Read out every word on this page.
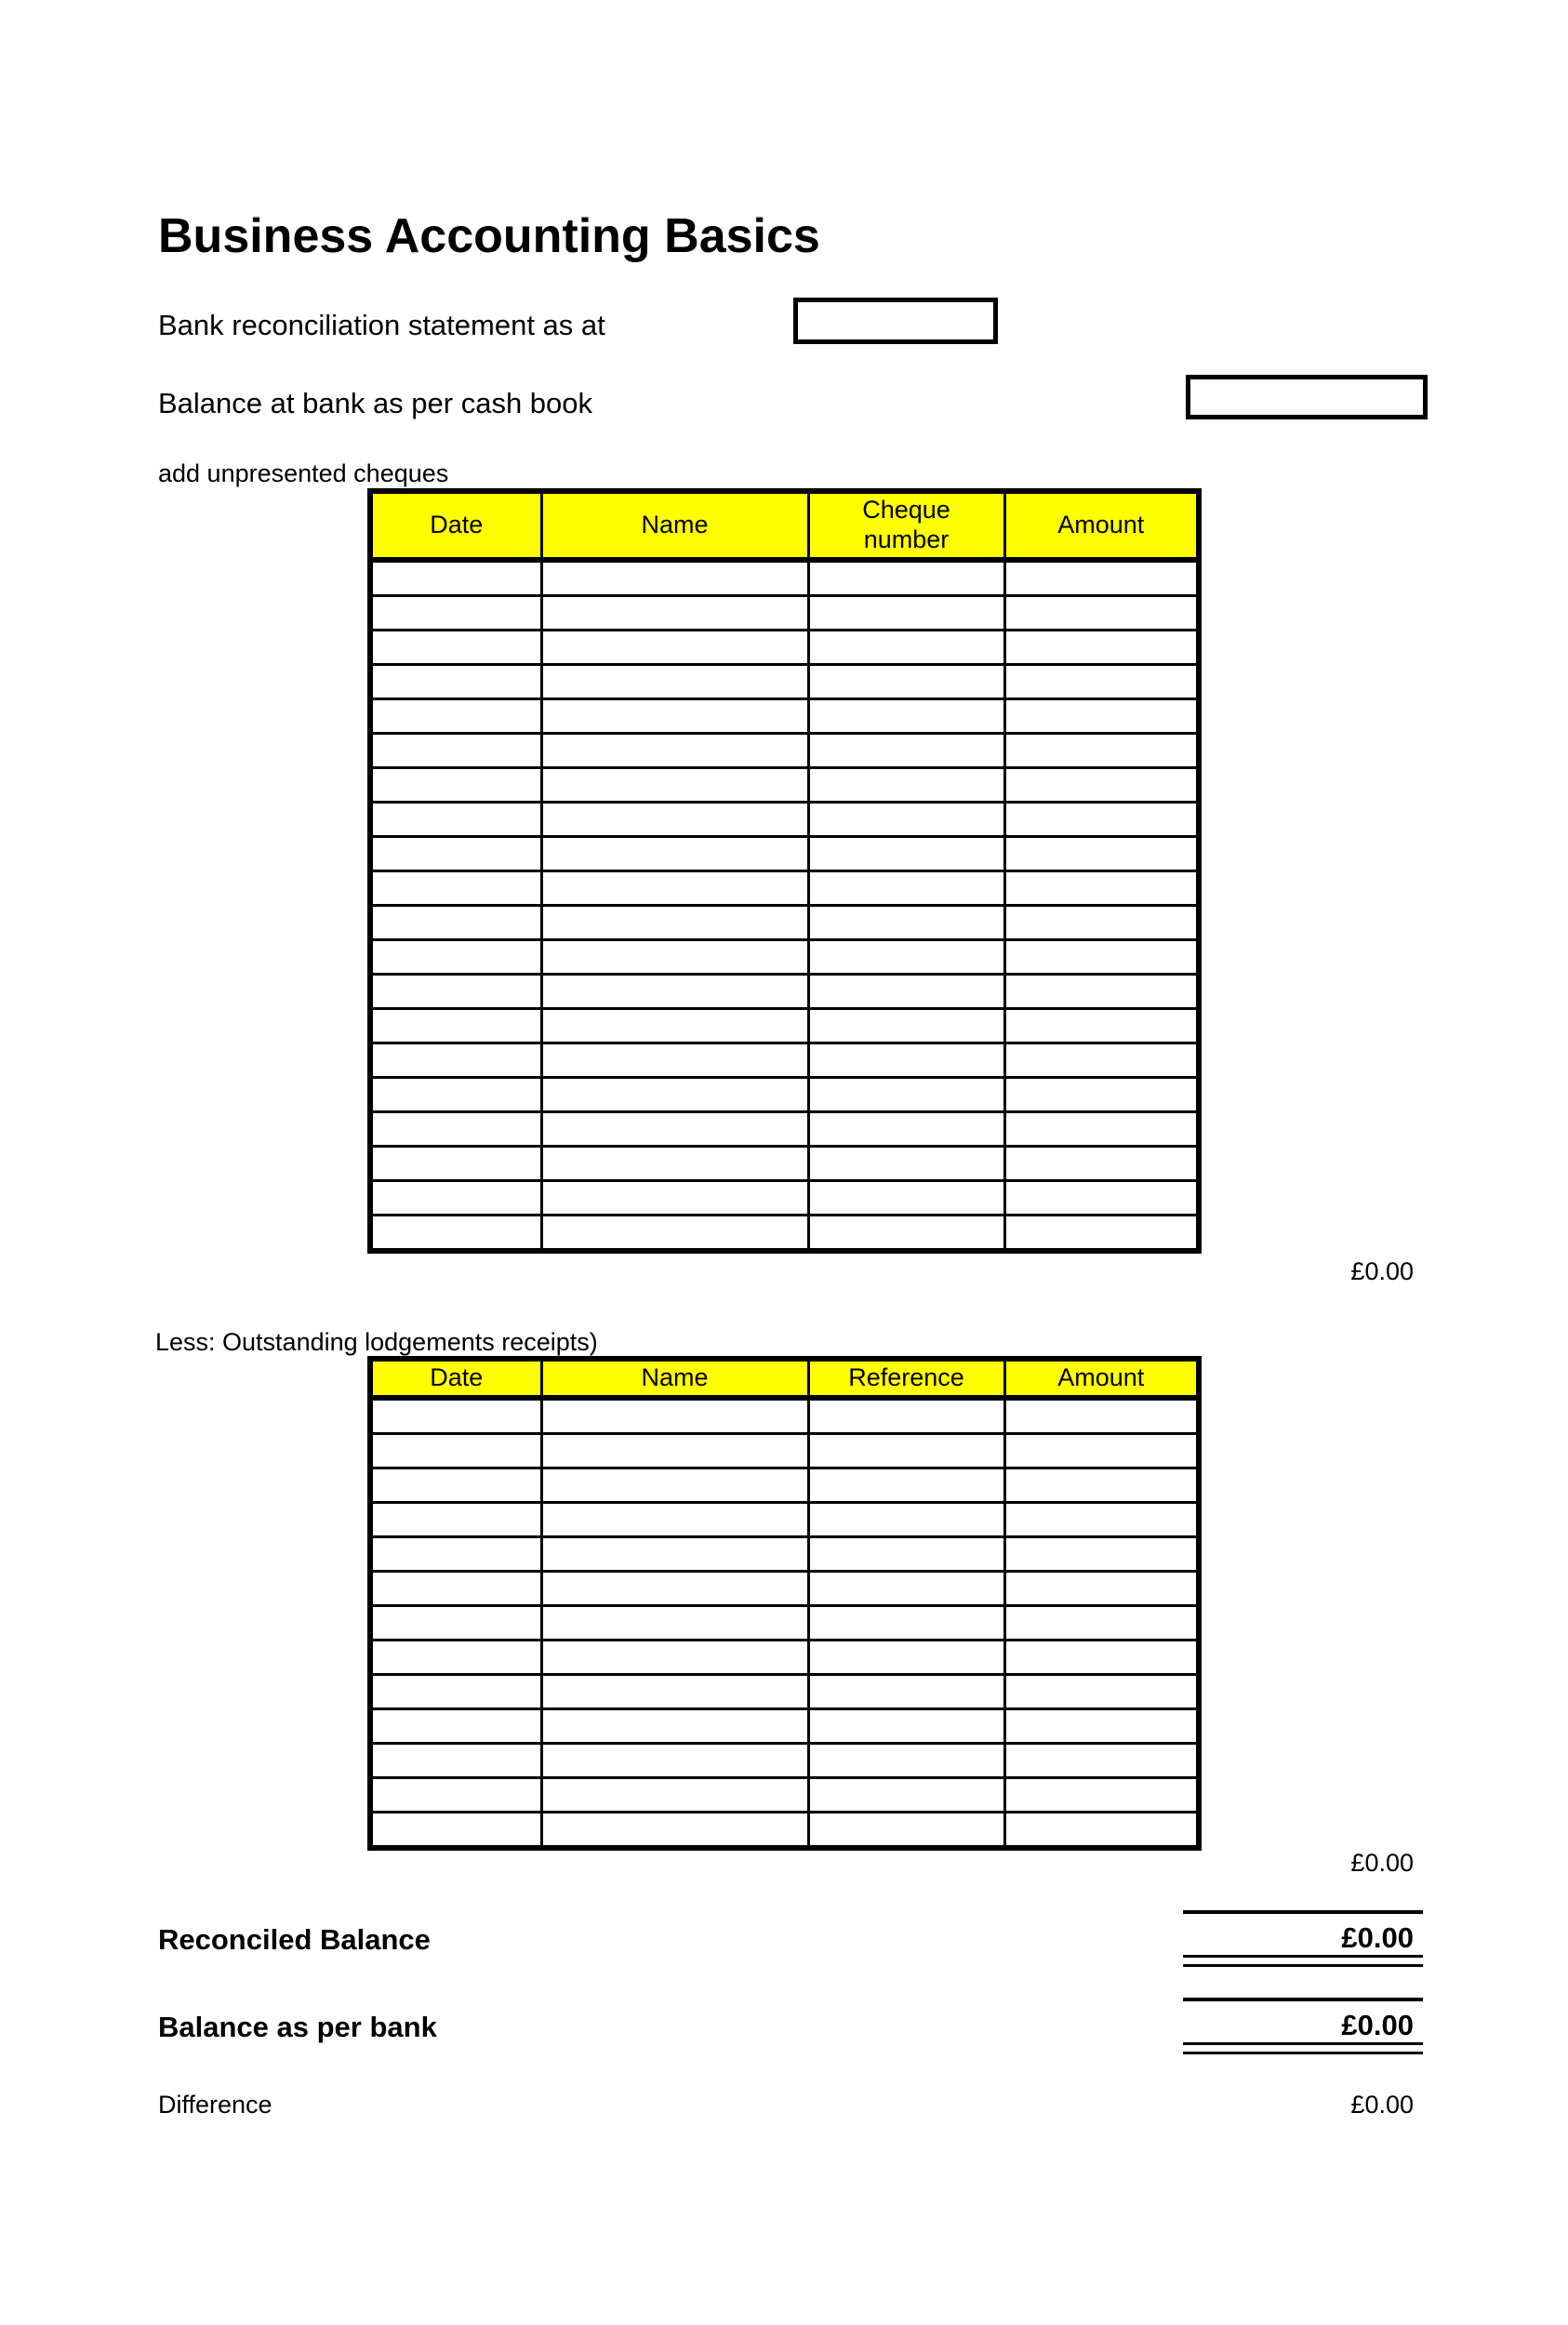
Business Accounting Basics
Bank reconciliation statement as at
Balance at bank as per cash book
add unpresented cheques
Date	Name	Cheque number	Amount

£0.00
Less: Outstanding lodgements receipts)
Date	Name	Reference	Amount

£0.00
Reconciled Balance	£0.00
Balance as per bank	£0.00
Difference	£0.00
